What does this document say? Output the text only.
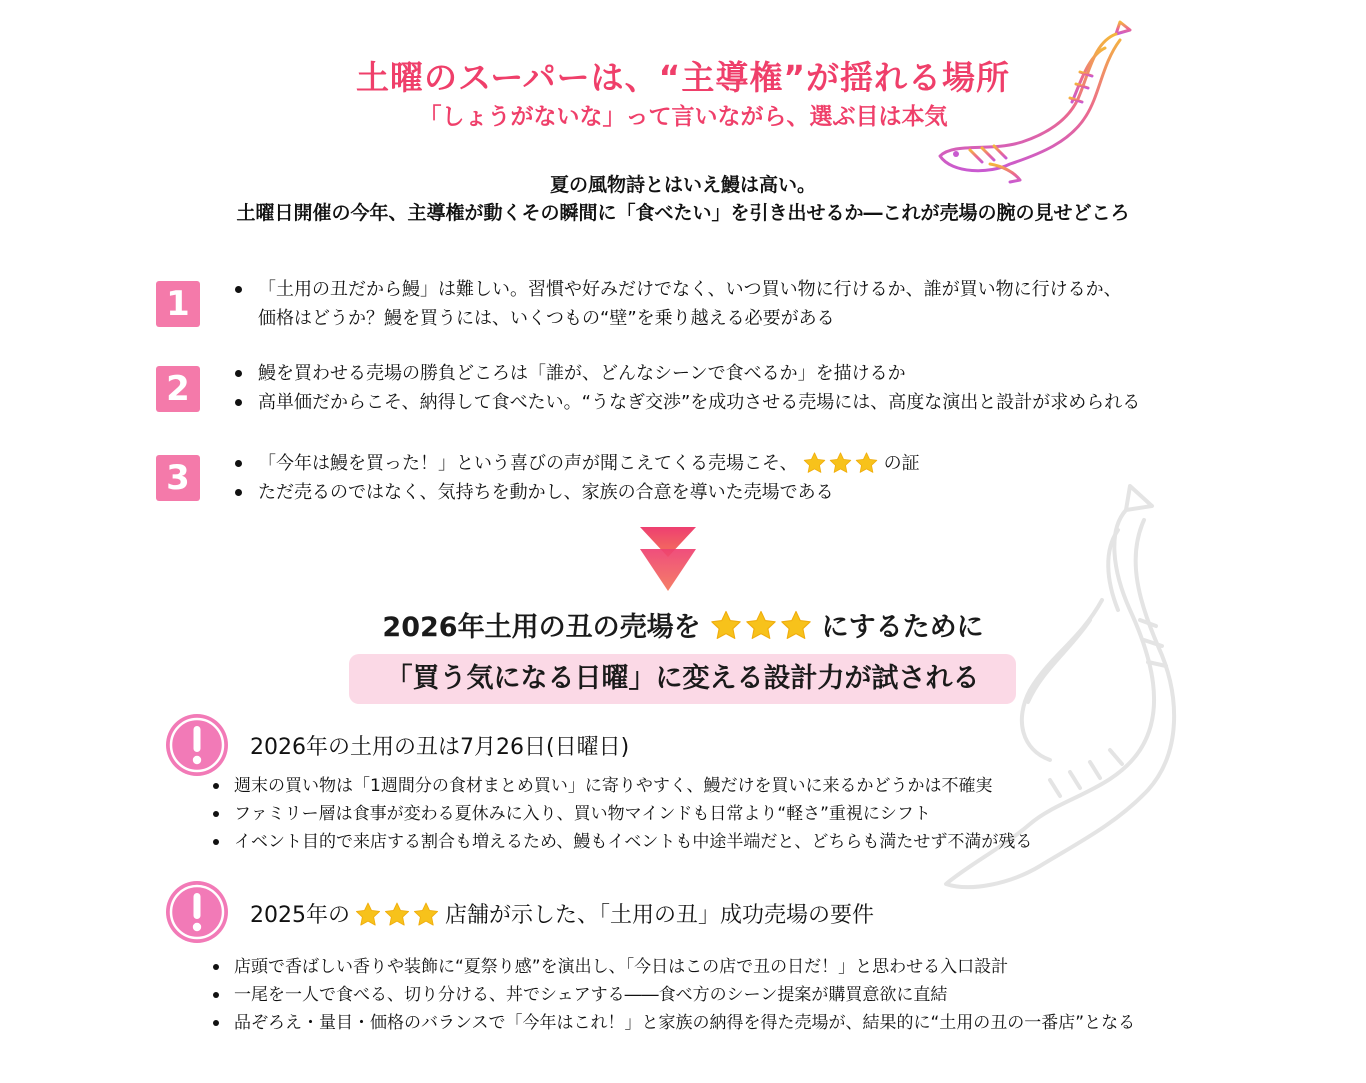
土曜のスーパーは、“主導権”が揺れる場所
「しょうがないな」って言いながら、選ぶ目は本気
夏の風物詩とはいえ鰻は高い。
土曜日開催の今年、主導権が動くその瞬間に「食べたい」を引き出せるか―これが売場の腕の見せどころ
1	「土用の丑だから鰻」は難しい。習慣や好みだけでなく、いつ買い物に行けるか、誰が買い物に行けるか、
価格はどうか？鰻を買うには、いくつもの“壁”を乗り越える必要がある
2	鰻を買わせる売場の勝負どころは「誰が、どんなシーンで食べるか」を描けるか
高単価だからこそ、納得して食べたい。“うなぎ交渉”を成功させる売場には、高度な演出と設計が求められる
3	「今年は鰻を買った！」という喜びの声が聞こえてくる売場こそ、	の証
ただ売るのではなく、気持ちを動かし、家族の合意を導いた売場である
2026年土用の丑の売場を	にするために
「買う気になる日曜」に変える設計力が試される
2026年の土用の丑は7月26日(日曜日)
週末の買い物は「1週間分の食材まとめ買い」に寄りやすく、鰻だけを買いに来るかどうかは不確実
ファミリー層は食事が変わる夏休みに入り、買い物マインドも日常より“軽さ”重視にシフト
イベント目的で来店する割合も増えるため、鰻もイベントも中途半端だと、どちらも満たせず不満が残る
2025年の	店舗が示した、「土用の丑」成功売場の要件
店頭で香ばしい香りや装飾に“夏祭り感”を演出し、「今日はこの店で丑の日だ！」と思わせる入口設計
一尾を一人で食べる、切り分ける、丼でシェアする――食べ方のシーン提案が購買意欲に直結
品ぞろえ・量目・価格のバランスで「今年はこれ！」と家族の納得を得た売場が、結果的に“土用の丑の一番店”となる
